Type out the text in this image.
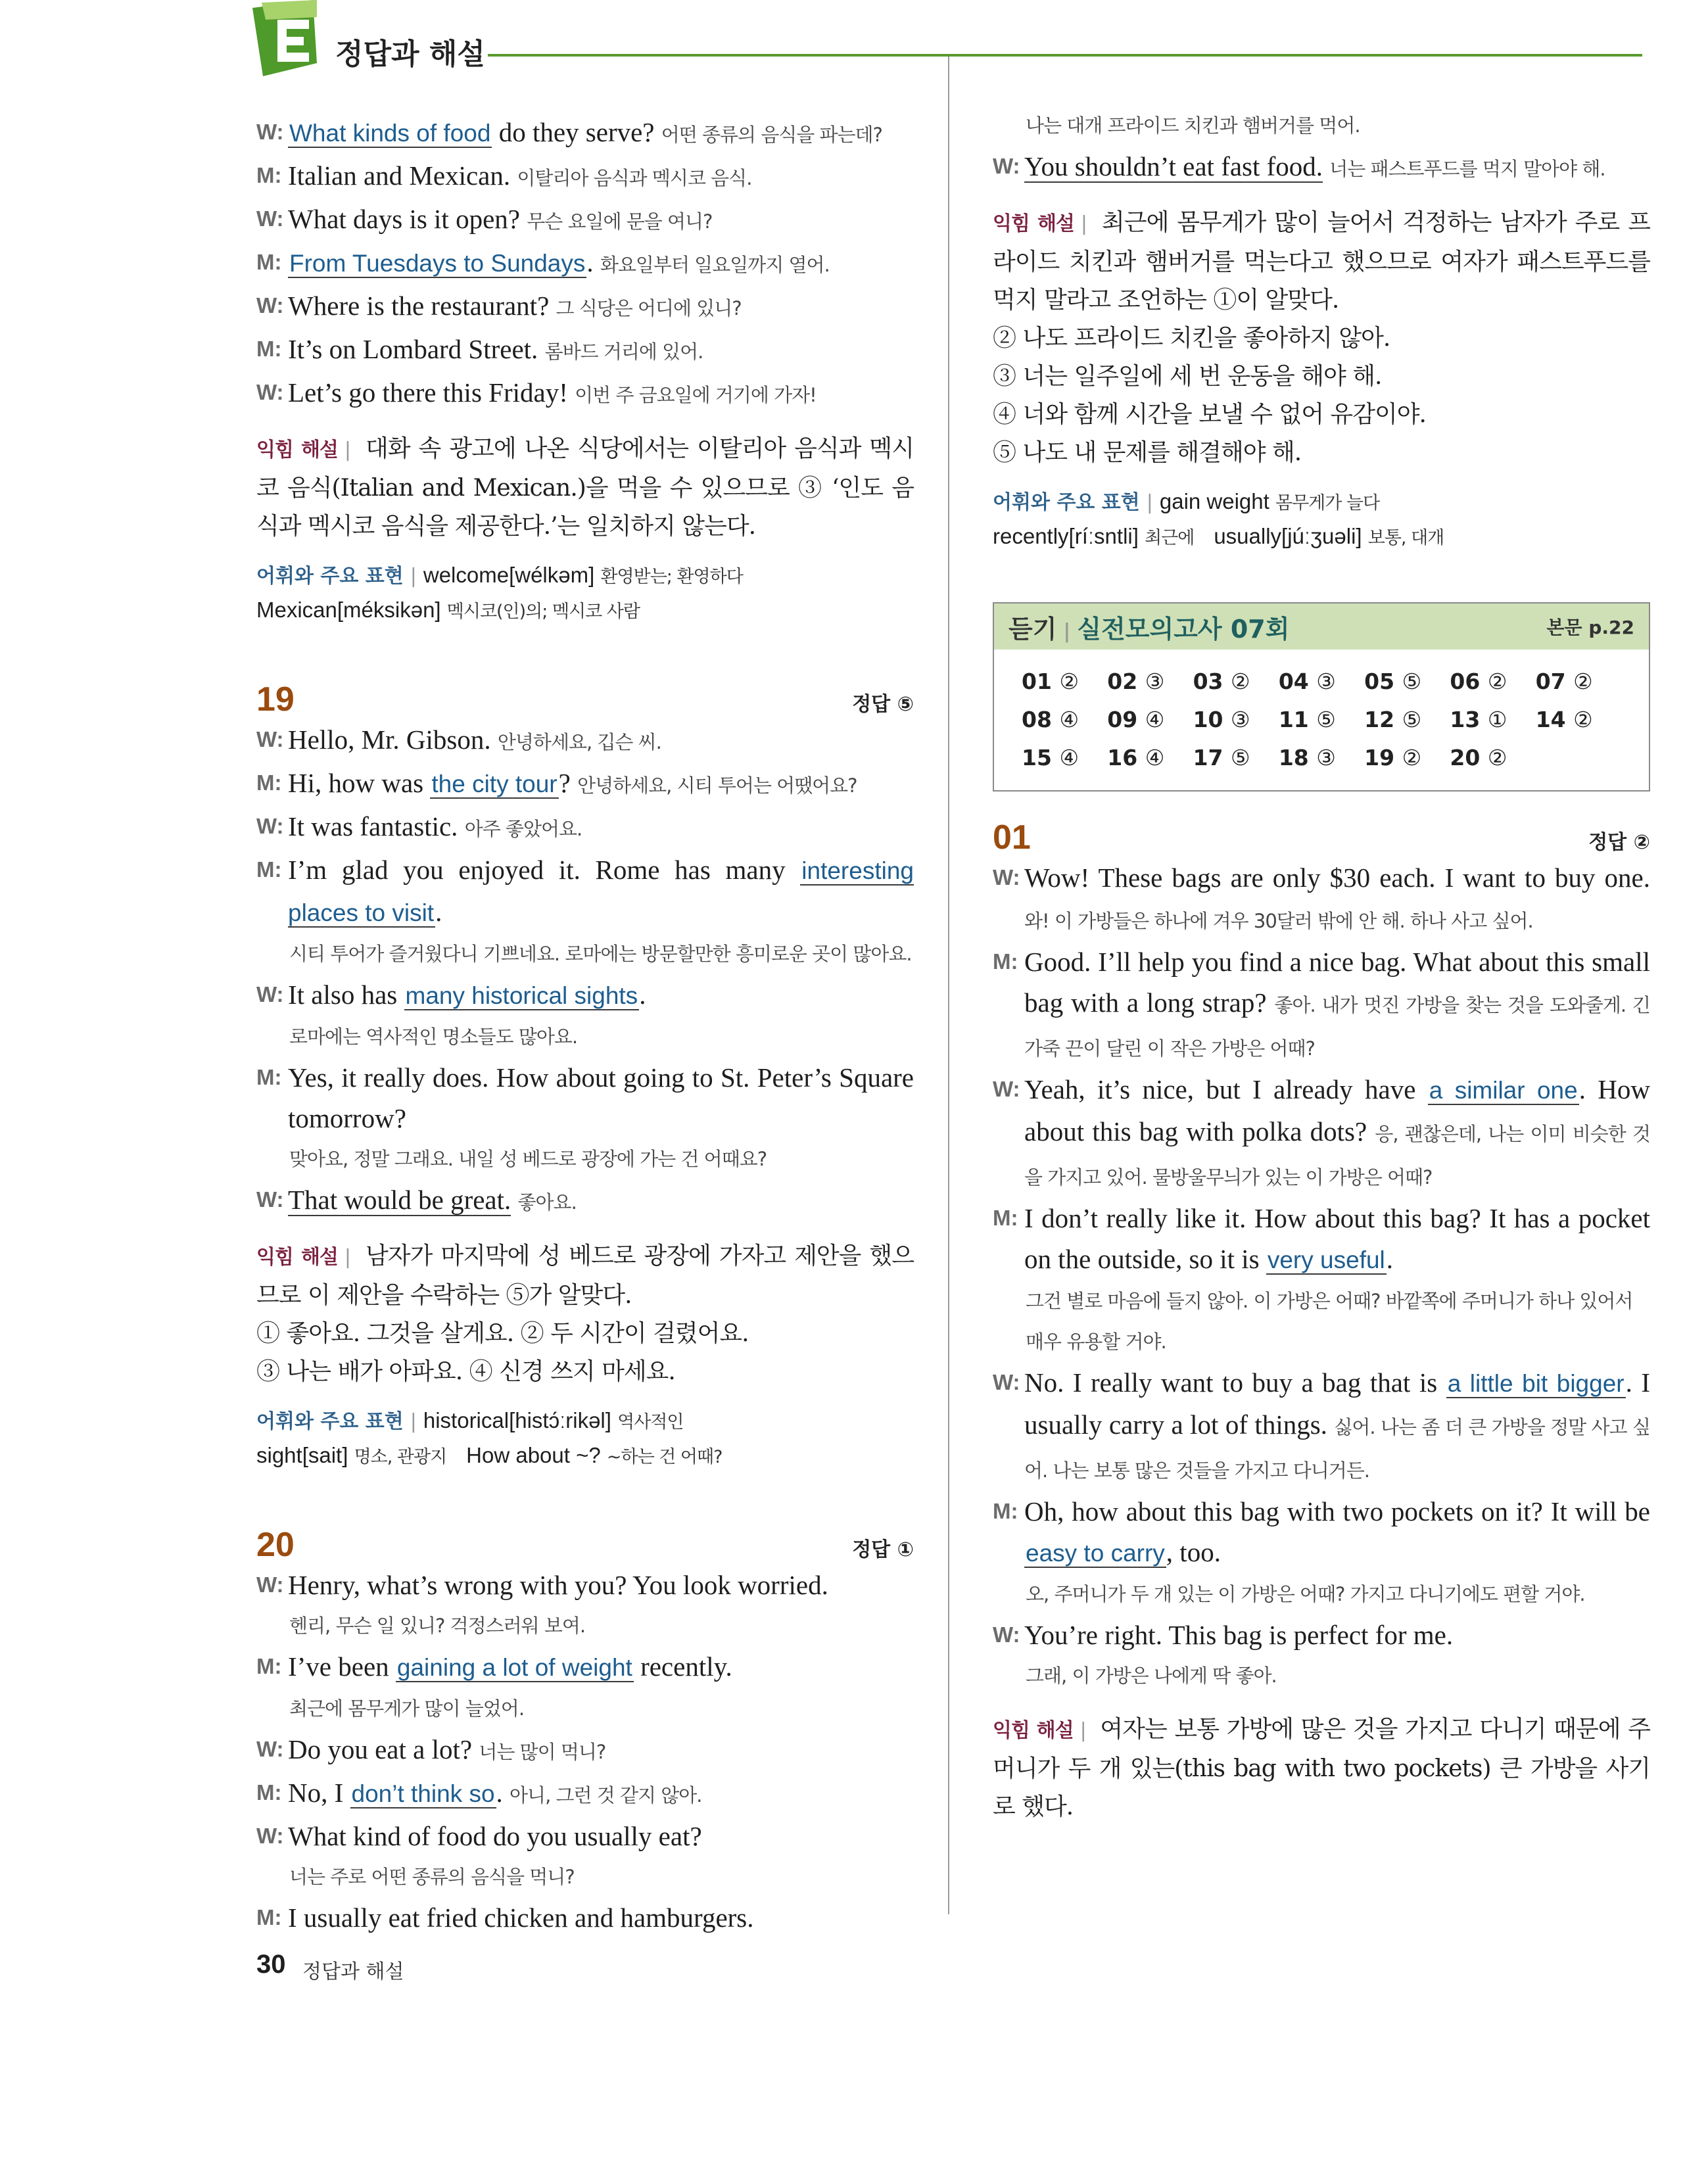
정답과 해설
W: What kinds of food do they serve? 어떤 종류의 음식을 파는데?
M: Italian and Mexican. 이탈리아 음식과 멕시코 음식.
W: What days is it open? 무슨 요일에 문을 여니?
M: From Tuesdays to Sundays. 화요일부터 일요일까지 열어.
W: Where is the restaurant? 그 식당은 어디에 있니?
M: It’s on Lombard Street. 롬바드 거리에 있어.
W: Let’s go there this Friday! 이번 주 금요일에 거기에 가자!
익힘 해설 | 대화 속 광고에 나온 식당에서는 이탈리아 음식과 멕시코 음식(Italian and Mexican.)을 먹을 수 있으므로 ③ ‘인도 음식과 멕시코 음식을 제공한다.’는 일치하지 않는다.
어휘와 주요 표현 | welcome[wélkəm] 환영받는; 환영하다
Mexican[méksikən] 멕시코(인)의; 멕시코 사람
19	정답 ⑤
W: Hello, Mr. Gibson. 안녕하세요, 깁슨 씨.
M: Hi, how was the city tour? 안녕하세요, 시티 투어는 어땠어요?
W: It was fantastic. 아주 좋았어요.
M: I’m glad you enjoyed it. Rome has many interesting places to visit.
시티 투어가 즐거웠다니 기쁘네요. 로마에는 방문할만한 흥미로운 곳이 많아요.
W: It also has many historical sights.
로마에는 역사적인 명소들도 많아요.
M: Yes, it really does. How about going to St. Peter’s Square tomorrow?
맞아요, 정말 그래요. 내일 성 베드로 광장에 가는 건 어때요?
W: That would be great. 좋아요.
익힘 해설 | 남자가 마지막에 성 베드로 광장에 가자고 제안을 했으므로 이 제안을 수락하는 ⑤가 알맞다.
① 좋아요. 그것을 살게요. ② 두 시간이 걸렸어요.
③ 나는 배가 아파요. ④ 신경 쓰지 마세요.
어휘와 주요 표현 | historical[histɔ́ːrikəl] 역사적인
sight[sait] 명소, 관광지 How about ~? ~하는 건 어때?
20	정답 ①
W: Henry, what’s wrong with you? You look worried.
헨리, 무슨 일 있니? 걱정스러워 보여.
M: I’ve been gaining a lot of weight recently.
최근에 몸무게가 많이 늘었어.
W: Do you eat a lot? 너는 많이 먹니?
M: No, I don’t think so. 아니, 그런 것 같지 않아.
W: What kind of food do you usually eat?
너는 주로 어떤 종류의 음식을 먹니?
M: I usually eat fried chicken and hamburgers.
나는 대개 프라이드 치킨과 햄버거를 먹어.
W: You shouldn’t eat fast food. 너는 패스트푸드를 먹지 말아야 해.
익힘 해설 | 최근에 몸무게가 많이 늘어서 걱정하는 남자가 주로 프라이드 치킨과 햄버거를 먹는다고 했으므로 여자가 패스트푸드를 먹지 말라고 조언하는 ①이 알맞다.
② 나도 프라이드 치킨을 좋아하지 않아.
③ 너는 일주일에 세 번 운동을 해야 해.
④ 너와 함께 시간을 보낼 수 없어 유감이야.
⑤ 나도 내 문제를 해결해야 해.
어휘와 주요 표현 | gain weight 몸무게가 늘다
recently[ríːsntli] 최근에 usually[júːʒuəli] 보통, 대개
듣기 | 실전모의고사 07회	본문 p.22
01 ②	02 ③	03 ②	04 ③	05 ⑤	06 ②	07 ②
08 ④	09 ④	10 ③	11 ⑤	12 ⑤	13 ①	14 ②
15 ④	16 ④	17 ⑤	18 ③	19 ②	20 ②
01	정답 ②
W: Wow! These bags are only $30 each. I want to buy one. 와! 이 가방들은 하나에 겨우 30달러 밖에 안 해. 하나 사고 싶어.
M: Good. I’ll help you find a nice bag. What about this small bag with a long strap? 좋아. 내가 멋진 가방을 찾는 것을 도와줄게. 긴 가죽 끈이 달린 이 작은 가방은 어때?
W: Yeah, it’s nice, but I already have a similar one. How about this bag with polka dots? 응, 괜찮은데, 나는 이미 비슷한 것을 가지고 있어. 물방울무늬가 있는 이 가방은 어때?
M: I don’t really like it. How about this bag? It has a pocket on the outside, so it is very useful.
그건 별로 마음에 들지 않아. 이 가방은 어때? 바깥쪽에 주머니가 하나 있어서 매우 유용할 거야.
W: No. I really want to buy a bag that is a little bit bigger. I usually carry a lot of things. 싫어. 나는 좀 더 큰 가방을 정말 사고 싶어. 나는 보통 많은 것들을 가지고 다니거든.
M: Oh, how about this bag with two pockets on it? It will be easy to carry, too.
오, 주머니가 두 개 있는 이 가방은 어때? 가지고 다니기에도 편할 거야.
W: You’re right. This bag is perfect for me.
그래, 이 가방은 나에게 딱 좋아.
익힘 해설 | 여자는 보통 가방에 많은 것을 가지고 다니기 때문에 주머니가 두 개 있는(this bag with two pockets) 큰 가방을 사기로 했다.
30 정답과 해설
